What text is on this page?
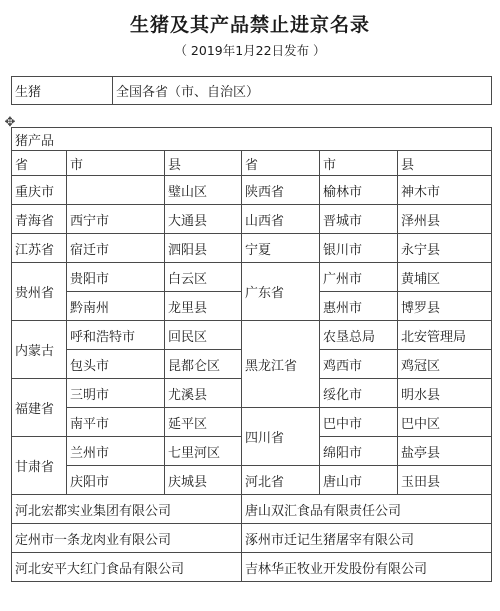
生猪及其产品禁止进京名录
（ 2019年1月22日发布 ）
生猪	全国各省（市、自治区）
✥
猪产品					
省	市	县	省	市	县
重庆市		璧山区	陕西省	榆林市	神木市
青海省	西宁市	大通县	山西省	晋城市	泽州县
江苏省	宿迁市	泗阳县	宁夏	银川市	永宁县
贵州省	贵阳市	白云区	广东省	广州市	黄埔区
	黔南州	龙里县		惠州市	博罗县
内蒙古	呼和浩特市	回民区	黑龙江省	农垦总局	北安管理局
	包头市	昆都仑区		鸡西市	鸡冠区
福建省	三明市	尤溪县		绥化市	明水县
	南平市	延平区	四川省	巴中市	巴中区
甘肃省	兰州市	七里河区		绵阳市	盐亭县
	庆阳市	庆城县	河北省	唐山市	玉田县
河北宏都实业集团有限公司			唐山双汇食品有限责任公司		
定州市一条龙肉业有限公司			涿州市迁记生猪屠宰有限公司		
河北安平大红门食品有限公司			吉林华正牧业开发股份有限公司		
